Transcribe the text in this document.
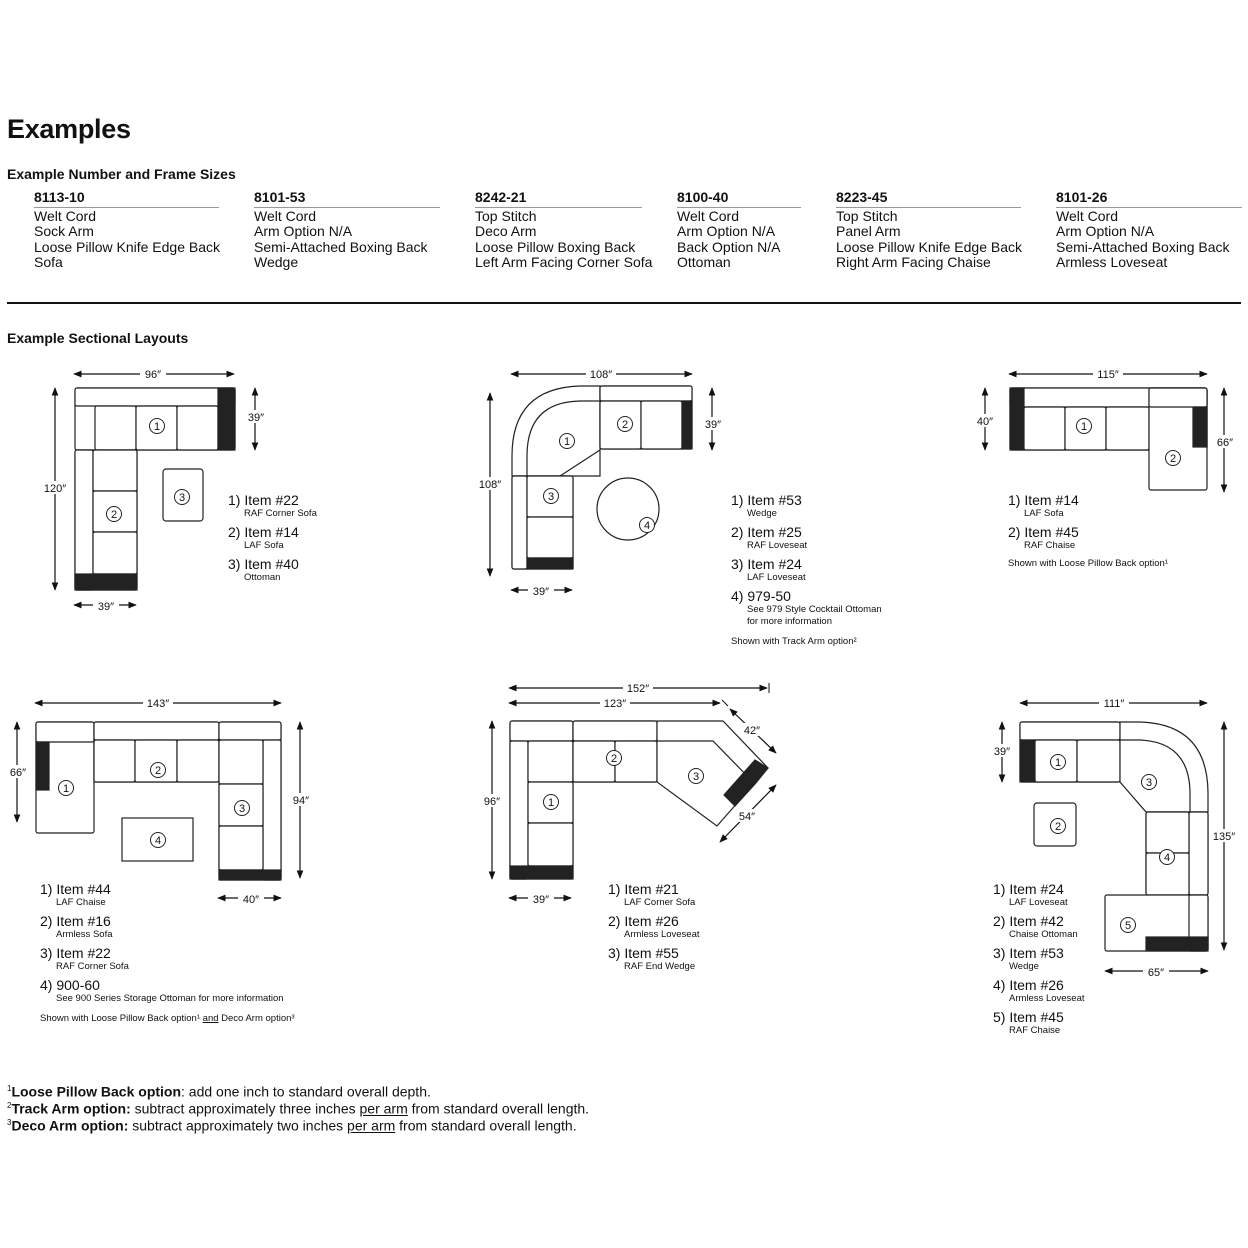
Examples
Example Number and Frame Sizes
8113-10
Welt Cord
Sock Arm
Loose Pillow Knife Edge Back
Sofa
8101-53
Welt Cord
Arm Option N/A
Semi-Attached Boxing Back
Wedge
8242-21
Top Stitch
Deco Arm
Loose Pillow Boxing Back
Left Arm Facing Corner Sofa
8100-40
Welt Cord
Arm Option N/A
Back Option N/A
Ottoman
8223-45
Top Stitch
Panel Arm
Loose Pillow Knife Edge Back
Right Arm Facing Chaise
8101-26
Welt Cord
Arm Option N/A
Semi-Attached Boxing Back
Armless Loveseat
Example Sectional Layouts
1
2
3
1
2
3
4
1
2
1
2
3
4
1
2
3
1
2
3
4
5
96″
39″
120″
39″
108″
39″
108″
39″
115″
40″
66″
143″
66″
94″
40″
152″
123″
42″
96″
54″
39″
111″
39″
135″
65″
1) Item #22
RAF Corner Sofa
2) Item #14
LAF Sofa
3) Item #40
Ottoman
1) Item #53
Wedge
2) Item #25
RAF Loveseat
3) Item #24
LAF Loveseat
4) 979-50
See 979 Style Cocktail Ottoman
for more information
Shown with Track Arm option²
1) Item #14
LAF Sofa
2) Item #45
RAF Chaise
Shown with Loose Pillow Back option¹
1) Item #44
LAF Chaise
2) Item #16
Armless Sofa
3) Item #22
RAF Corner Sofa
4) 900-60
See 900 Series Storage Ottoman for more information
Shown with Loose Pillow Back option¹ and Deco Arm option³
1) Item #21
LAF Corner Sofa
2) Item #26
Armless Loveseat
3) Item #55
RAF End Wedge
1) Item #24
LAF Loveseat
2) Item #42
Chaise Ottoman
3) Item #53
Wedge
4) Item #26
Armless Loveseat
5) Item #45
RAF Chaise
$^1$Loose Pillow Back option: add one inch to standard overall depth.
$^2$Track Arm option: subtract approximately three inches per arm from standard overall length.
$^3$Deco Arm option: subtract approximately two inches per arm from standard overall length.
